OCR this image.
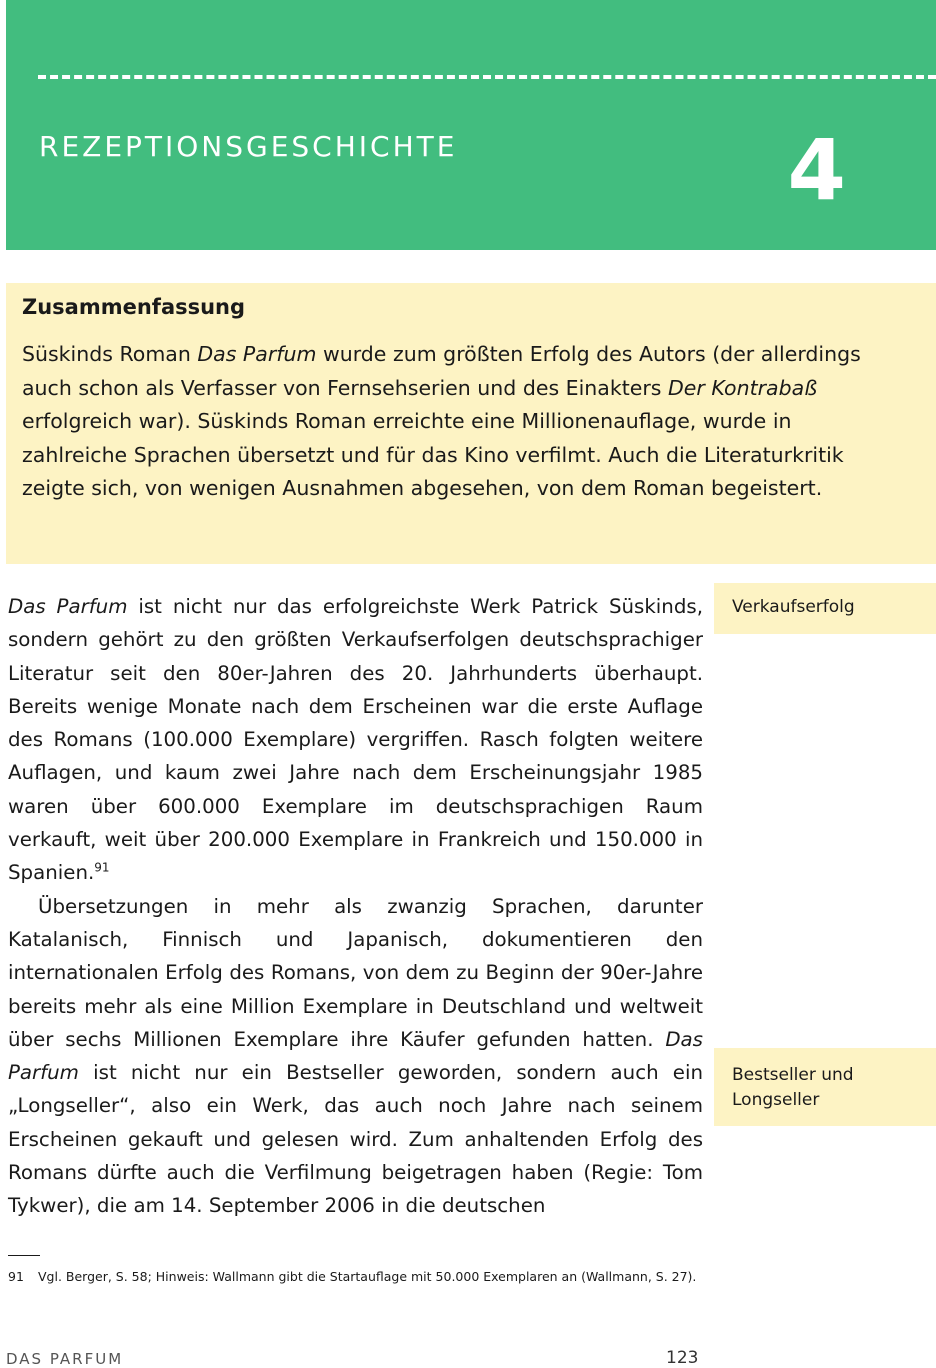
REZEPTIONSGESCHICHTE	4
Zusammenfassung

Süskinds Roman Das Parfum wurde zum größten Erfolg des Autors (der allerdings auch schon als Verfasser von Fernsehserien und des Einakters Der Kontrabaß erfolgreich war). Süskinds Roman erreichte eine Millionenauflage, wurde in zahlreiche Sprachen übersetzt und für das Kino verfilmt. Auch die Literaturkritik zeigte sich, von wenigen Ausnahmen abgesehen, von dem Roman begeistert.

Das Parfum ist nicht nur das erfolgreichste Werk Patrick Süskinds, sondern gehört zu den größten Verkaufserfolgen deutschsprachiger Literatur seit den 80er-Jahren des 20. Jahrhunderts überhaupt. Bereits wenige Monate nach dem Erscheinen war die erste Auflage des Romans (100.000 Exemplare) vergriffen. Rasch folgten weitere Auflagen, und kaum zwei Jahre nach dem Erscheinungsjahr 1985 waren über 600.000 Exemplare im deutschsprachigen Raum verkauft, weit über 200.000 Exemplare in Frankreich und 150.000 in Spanien.$^{91}$

Übersetzungen in mehr als zwanzig Sprachen, darunter Katalanisch, Finnisch und Japanisch, dokumentieren den internationalen Erfolg des Romans, von dem zu Beginn der 90er-Jahre bereits mehr als eine Million Exemplare in Deutschland und weltweit über sechs Millionen Exemplare ihre Käufer gefunden hatten. Das Parfum ist nicht nur ein Bestseller geworden, sondern auch ein „Longseller“, also ein Werk, das auch noch Jahre nach seinem Erscheinen gekauft und gelesen wird. Zum anhaltenden Erfolg des Romans dürfte auch die Verfilmung beigetragen haben (Regie: Tom Tykwer), die am 14. September 2006 in die deutschen

Verkaufserfolg
Bestseller und Longseller
91 Vgl. Berger, S. 58; Hinweis: Wallmann gibt die Startauflage mit 50.000 Exemplaren an (Wallmann, S. 27).
DAS PARFUM	123
